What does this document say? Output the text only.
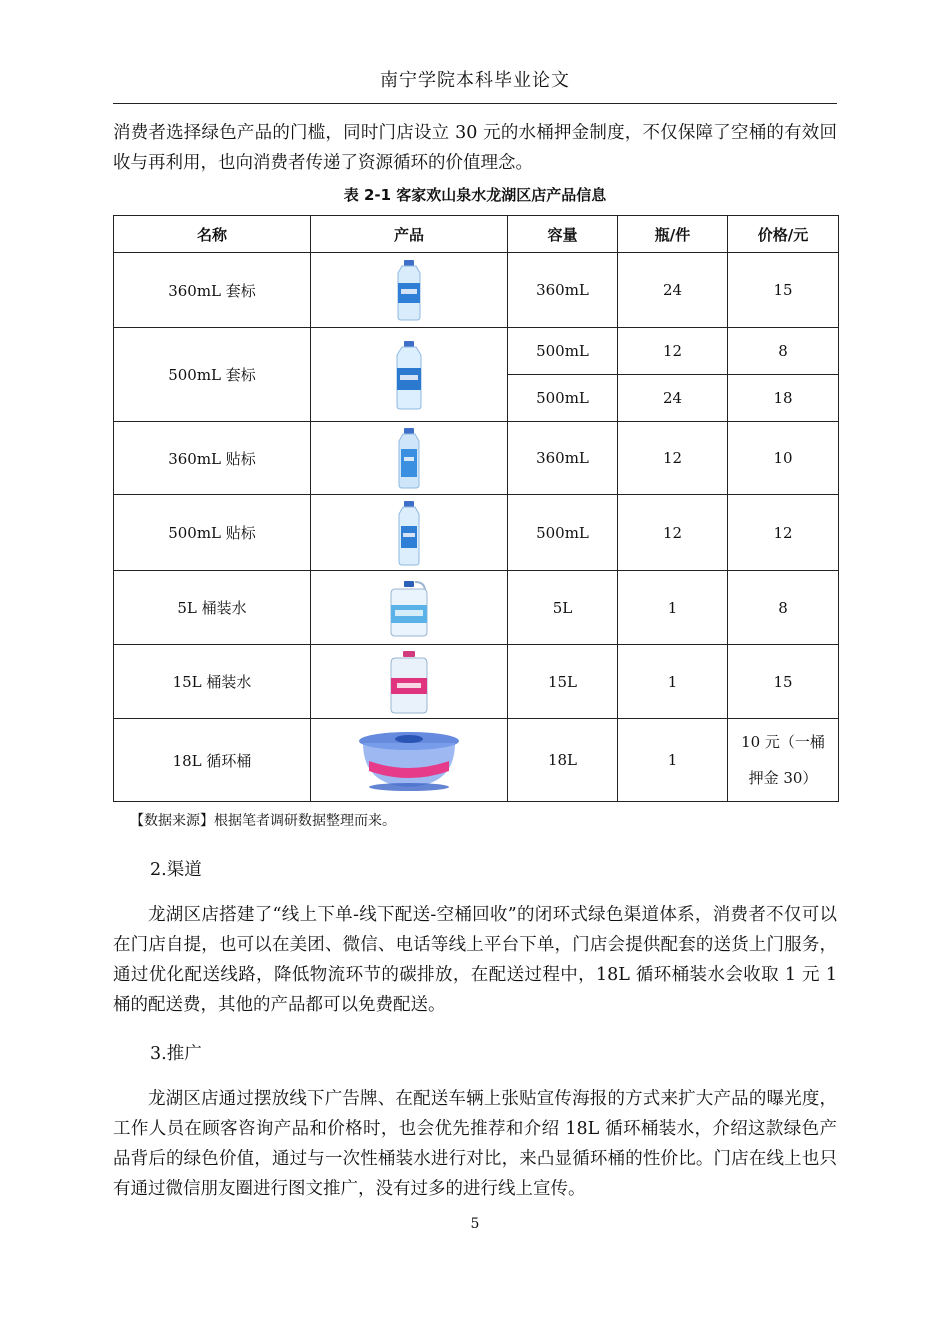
南宁学院本科毕业论文

消费者选择绿色产品的门槛，同时门店设立 30 元的水桶押金制度，不仅保障了空桶的有效回收与再利用，也向消费者传递了资源循环的价值理念。

表 2-1 客家欢山泉水龙湖区店产品信息
名称	产品	容量	瓶/件	价格/元
360mL 套标		360mL	24	15
500mL 套标		500mL	12	8
		500mL	24	18
360mL 贴标		360mL	12	10
500mL 贴标		500mL	12	12
5L 桶装水		5L	1	8
15L 桶装水		15L	1	15
18L 循环桶		18L	1	10 元（一桶
押金 30）
【数据来源】根据笔者调研数据整理而来。
2.渠道

龙湖区店搭建了“线上下单-线下配送-空桶回收”的闭环式绿色渠道体系，消费者不仅可以在门店自提，也可以在美团、微信、电话等线上平台下单，门店会提供配套的送货上门服务，通过优化配送线路，降低物流环节的碳排放，在配送过程中，18L 循环桶装水会收取 1 元 1 桶的配送费，其他的产品都可以免费配送。

3.推广

龙湖区店通过摆放线下广告牌、在配送车辆上张贴宣传海报的方式来扩大产品的曝光度，工作人员在顾客咨询产品和价格时，也会优先推荐和介绍 18L 循环桶装水，介绍这款绿色产品背后的绿色价值，通过与一次性桶装水进行对比，来凸显循环桶的性价比。门店在线上也只有通过微信朋友圈进行图文推广，没有过多的进行线上宣传。

5
